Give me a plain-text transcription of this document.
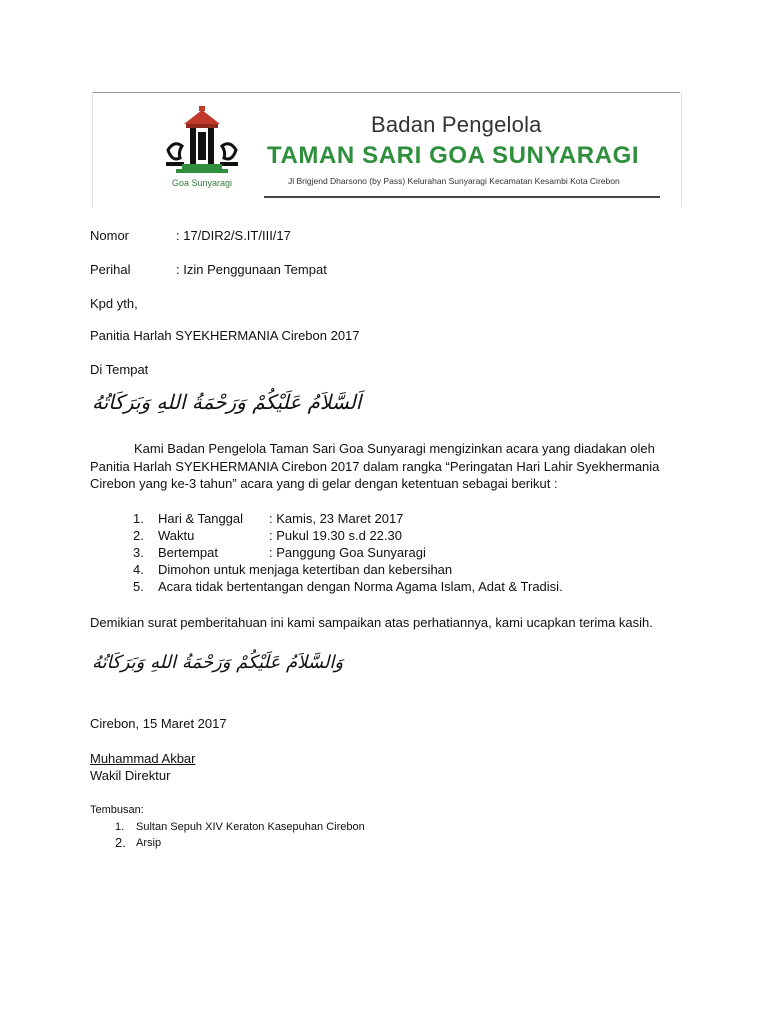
Goa Sunyaragi
Badan Pengelola
TAMAN SARI GOA SUNYARAGI
Jl Brigjend Dharsono (by Pass) Kelurahan Sunyaragi Kecamatan Kesambi Kota Cirebon
Nomor	: 17/DIR2/S.IT/III/17
Perihal	: Izin Penggunaan Tempat
Kpd yth,
Panitia Harlah SYEKHERMANIA Cirebon 2017
Di Tempat
اَلسَّلاَمُ عَلَيْكُمْ وَرَحْمَةُ اللهِ وَبَرَكَاتُهُ
Kami Badan Pengelola Taman Sari Goa Sunyaragi mengizinkan acara yang diadakan oleh Panitia Harlah SYEKHERMANIA Cirebon 2017 dalam rangka “Peringatan Hari Lahir Syekhermania Cirebon yang ke-3 tahun” acara yang di gelar dengan ketentuan sebagai berikut :
1. Hari & Tanggal : Kamis, 23 Maret 2017
2. Waktu	: Pukul 19.30 s.d 22.30
3. Bertempat	: Panggung Goa Sunyaragi
4. Dimohon untuk menjaga ketertiban dan kebersihan
5. Acara tidak bertentangan dengan Norma Agama Islam, Adat & Tradisi.
Demikian surat pemberitahuan ini kami sampaikan atas perhatiannya, kami ucapkan terima kasih.
وَالسَّلاَمُ عَلَيْكُمْ وَرَحْمَةُ اللهِ وَبَرَكَاتُهُ
Cirebon, 15 Maret 2017
Muhammad Akbar
Wakil Direktur
Tembusan:
1. Sultan Sepuh XIV Keraton Kasepuhan Cirebon
2. Arsip
